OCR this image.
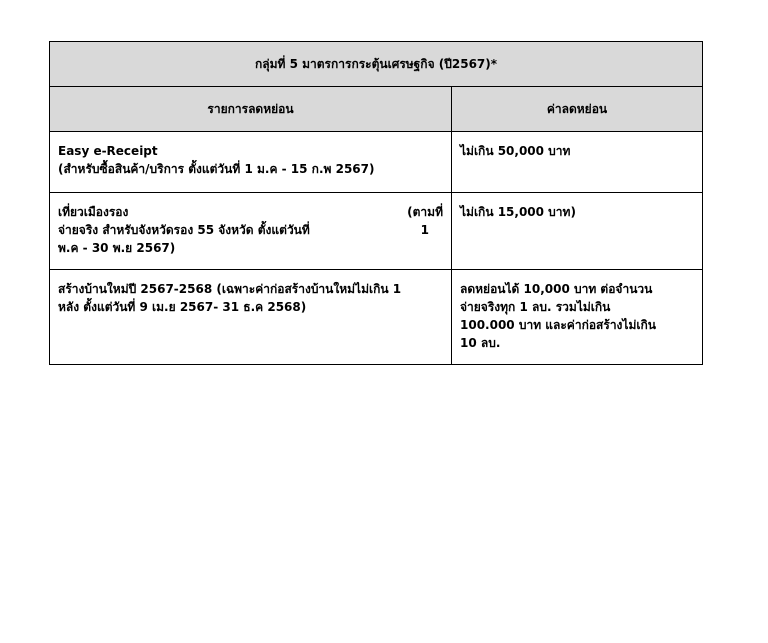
กลุ่มที่ 5 มาตรการกระตุ้นเศรษฐกิจ (ปี2567)*	
รายการลดหย่อน	ค่าลดหย่อน

Easy e-Receipt
(สำหรับซื้อสินค้า/บริการ ตั้งแต่วันที่ 1 ม.ค - 15 ก.พ 2567)	ไม่เกิน 50,000 บาท

เที่ยวเมืองรอง (ตามที่
จ่ายจริง สำหรับจังหวัดรอง 55 จังหวัด ตั้งแต่วันที่ 1
พ.ค - 30 พ.ย 2567)	ไม่เกิน 15,000 บาท)

สร้างบ้านใหม่ปี 2567-2568 (เฉพาะค่าก่อสร้างบ้านใหม่ไม่เกิน 1
หลัง ตั้งแต่วันที่ 9 เม.ย 2567- 31 ธ.ค 2568)	ลดหย่อนได้ 10,000 บาท ต่อจำนวน
จ่ายจริงทุก 1 ลบ. รวมไม่เกิน
100.000 บาท และค่าก่อสร้างไม่เกิน
10 ลบ.
